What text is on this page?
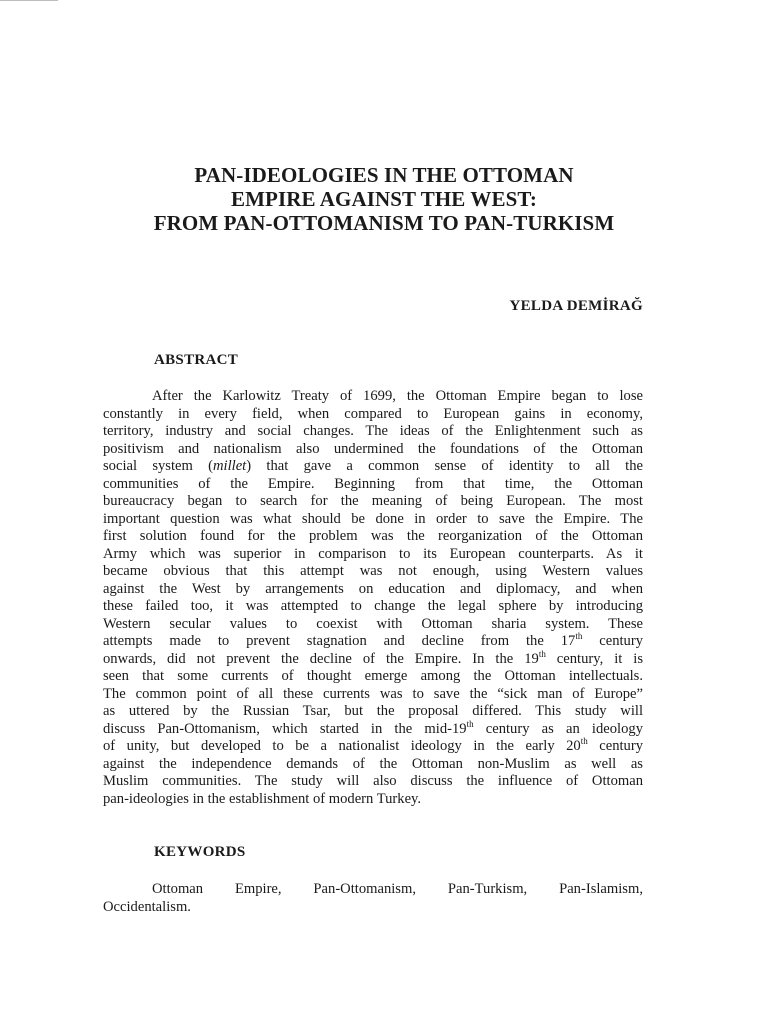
PAN-IDEOLOGIES IN THE OTTOMAN
EMPIRE AGAINST THE WEST:
FROM PAN-OTTOMANISM TO PAN-TURKISM
YELDA DEMİRAĞ
ABSTRACT
After the Karlowitz Treaty of 1699, the Ottoman Empire began to lose
constantly in every field, when compared to European gains in economy,
territory, industry and social changes. The ideas of the Enlightenment such as
positivism and nationalism also undermined the foundations of the Ottoman
social system (millet) that gave a common sense of identity to all the
communities of the Empire. Beginning from that time, the Ottoman
bureaucracy began to search for the meaning of being European. The most
important question was what should be done in order to save the Empire. The
first solution found for the problem was the reorganization of the Ottoman
Army which was superior in comparison to its European counterparts. As it
became obvious that this attempt was not enough, using Western values
against the West by arrangements on education and diplomacy, and when
these failed too, it was attempted to change the legal sphere by introducing
Western secular values to coexist with Ottoman sharia system. These
attempts made to prevent stagnation and decline from the 17th century
onwards, did not prevent the decline of the Empire. In the 19th century, it is
seen that some currents of thought emerge among the Ottoman intellectuals.
The common point of all these currents was to save the “sick man of Europe”
as uttered by the Russian Tsar, but the proposal differed. This study will
discuss Pan-Ottomanism, which started in the mid-19th century as an ideology
of unity, but developed to be a nationalist ideology in the early 20th century
against the independence demands of the Ottoman non-Muslim as well as
Muslim communities. The study will also discuss the influence of Ottoman
pan-ideologies in the establishment of modern Turkey.
KEYWORDS
Ottoman Empire, Pan-Ottomanism, Pan-Turkism, Pan-Islamism,
Occidentalism.
